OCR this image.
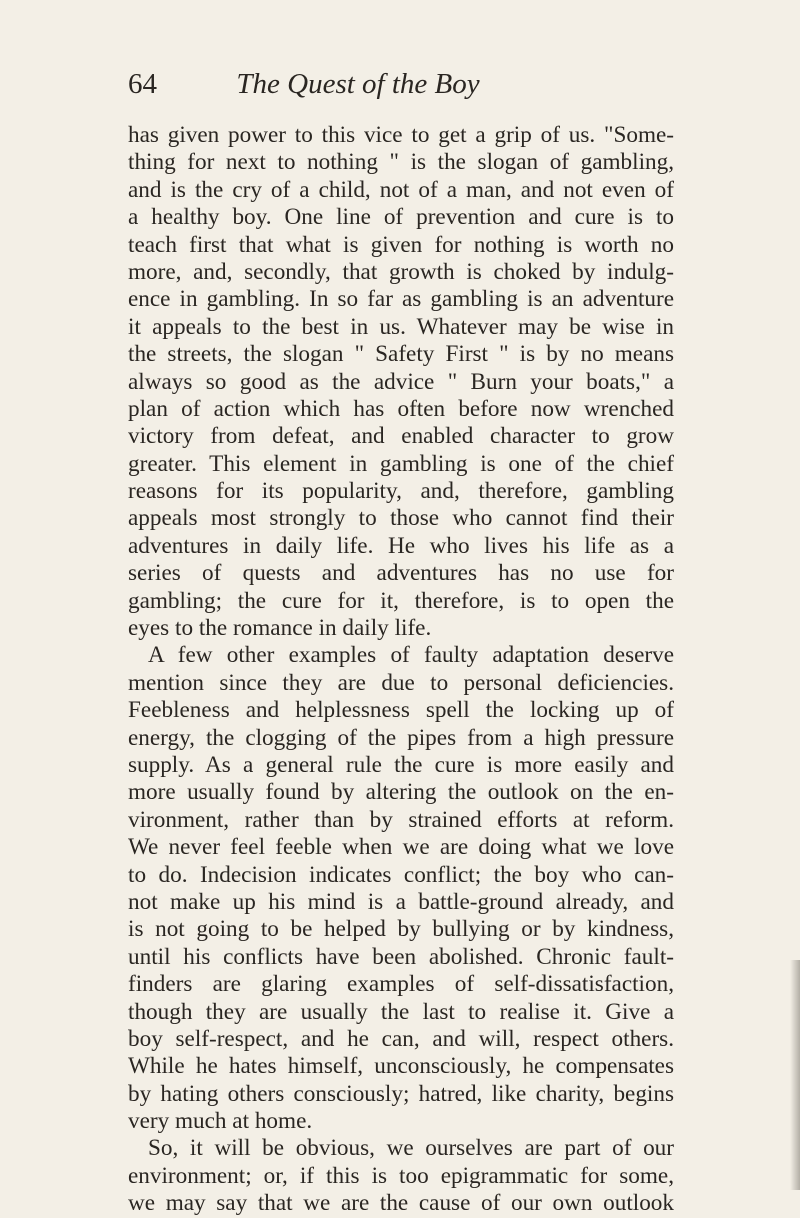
64	The Quest of the Boy
has given power to this vice to get a grip of us. "Some-
thing for next to nothing " is the slogan of gambling,
and is the cry of a child, not of a man, and not even of
a healthy boy. One line of prevention and cure is to
teach first that what is given for nothing is worth no
more, and, secondly, that growth is choked by indulg-
ence in gambling. In so far as gambling is an adventure
it appeals to the best in us. Whatever may be wise in
the streets, the slogan " Safety First " is by no means
always so good as the advice " Burn your boats," a
plan of action which has often before now wrenched
victory from defeat, and enabled character to grow
greater. This element in gambling is one of the chief
reasons for its popularity, and, therefore, gambling
appeals most strongly to those who cannot find their
adventures in daily life. He who lives his life as a
series of quests and adventures has no use for
gambling; the cure for it, therefore, is to open the
eyes to the romance in daily life.
A few other examples of faulty adaptation deserve
mention since they are due to personal deficiencies.
Feebleness and helplessness spell the locking up of
energy, the clogging of the pipes from a high pressure
supply. As a general rule the cure is more easily and
more usually found by altering the outlook on the en-
vironment, rather than by strained efforts at reform.
We never feel feeble when we are doing what we love
to do. Indecision indicates conflict; the boy who can-
not make up his mind is a battle-ground already, and
is not going to be helped by bullying or by kindness,
until his conflicts have been abolished. Chronic fault-
finders are glaring examples of self-dissatisfaction,
though they are usually the last to realise it. Give a
boy self-respect, and he can, and will, respect others.
While he hates himself, unconsciously, he compensates
by hating others consciously; hatred, like charity, begins
very much at home.
So, it will be obvious, we ourselves are part of our
environment; or, if this is too epigrammatic for some,
we may say that we are the cause of our own outlook
